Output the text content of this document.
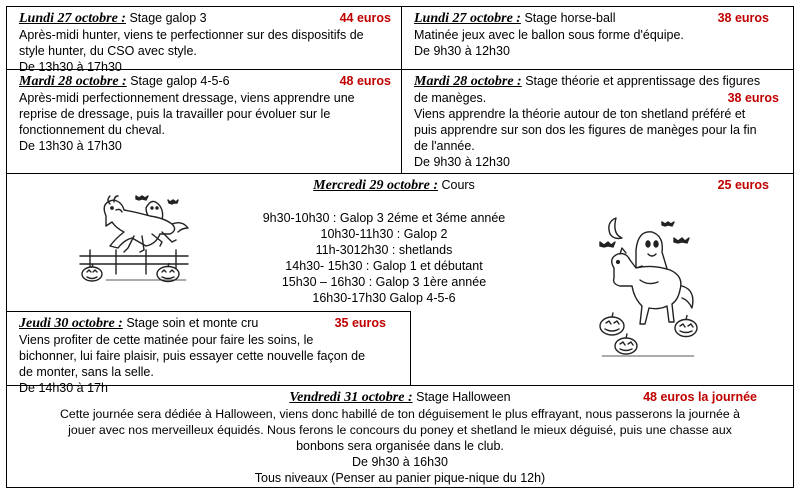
Lundi 27 octobre : Stage galop 3	44 euros
Après-midi hunter, viens te perfectionner sur des dispositifs de
style hunter, du CSO avec style.
De 13h30 à 17h30
Lundi 27 octobre : Stage horse-ball	38 euros
Matinée jeux avec le ballon sous forme d'équipe.
De 9h30 à 12h30
Mardi 28 octobre : Stage galop 4-5-6	48 euros
Après-midi perfectionnement dressage, viens apprendre une
reprise de dressage, puis la travailler pour évoluer sur le
fonctionnement du cheval.
De 13h30 à 17h30
Mardi 28 octobre : Stage théorie et apprentissage des figures
de manèges.	38 euros
Viens apprendre la théorie autour de ton shetland préféré et
puis apprendre sur son dos les figures de manèges pour la fin
de l'année.
De 9h30 à 12h30
Mercredi 29 octobre : Cours	25 euros
9h30-10h30 : Galop 3 2éme et 3éme année
10h30-11h30 : Galop 2
11h-3012h30 : shetlands
14h30- 15h30 : Galop 1 et débutant
15h30 – 16h30 : Galop 3 1ère année
16h30-17h30 Galop 4-5-6
Jeudi 30 octobre : Stage soin et monte cru	35 euros
Viens profiter de cette matinée pour faire les soins, le
bichonner, lui faire plaisir, puis essayer cette nouvelle façon de
de monter, sans la selle.
De 14h30 à 17h
Vendredi 31 octobre : Stage Halloween	48 euros la journée
Cette journée sera dédiée à Halloween, viens donc habillé de ton déguisement le plus effrayant, nous passerons la journée à
jouer avec nos merveilleux équidés. Nous ferons le concours du poney et shetland le mieux déguisé, puis une chasse aux
bonbons sera organisée dans le club.
De 9h30 à 16h30
Tous niveaux (Penser au panier pique-nique du 12h)
